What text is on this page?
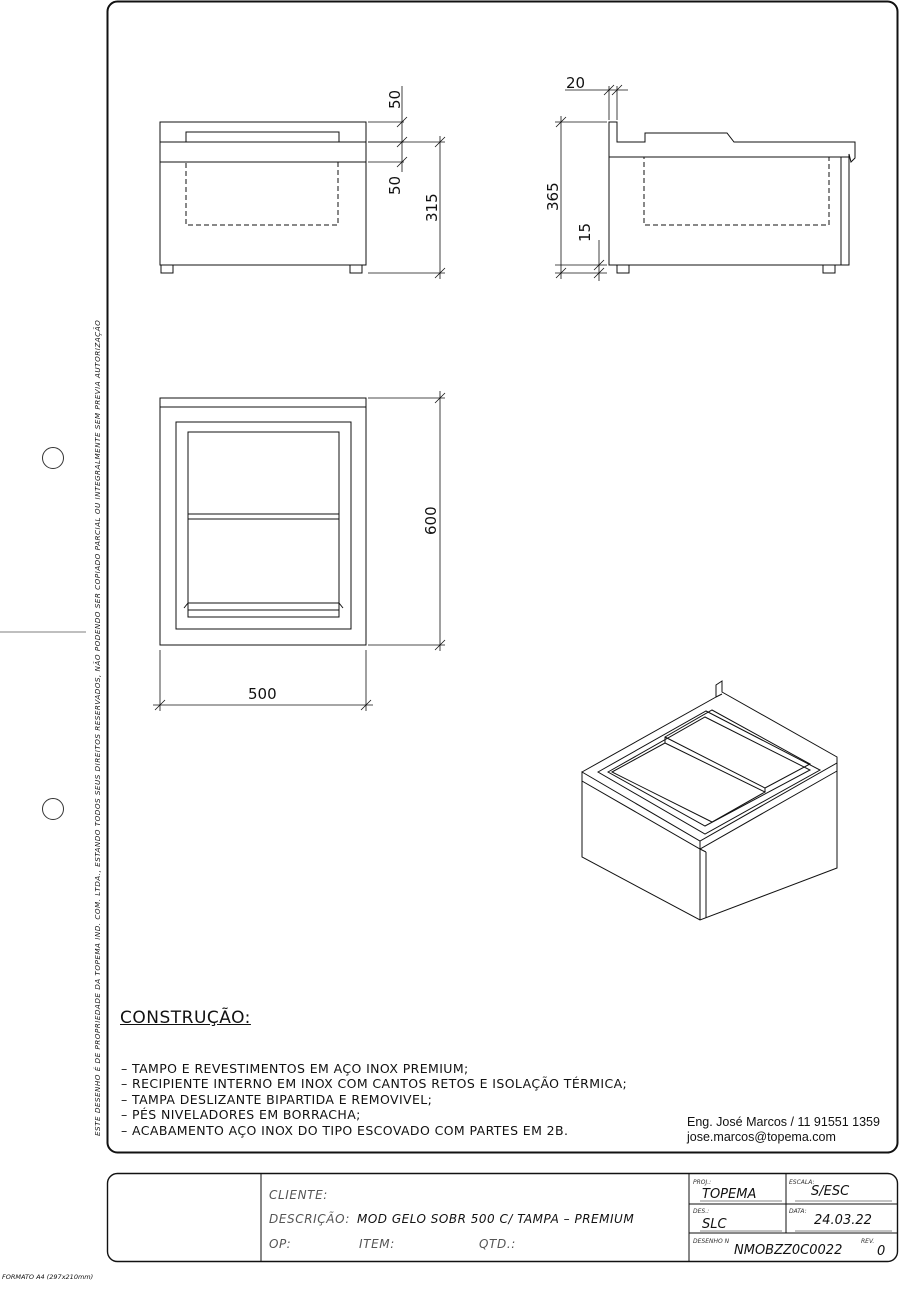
50
50
315
20
365
15
600
500
ESTE DESENHO É DE PROPRIEDADE DA TOPEMA IND. COM. LTDA., ESTANDO TODOS SEUS DIREITOS RESERVADOS, NÃO PODENDO SER COPIADO PARCIAL OU INTEGRALMENTE SEM PREVIA AUTORIZAÇÃO CONSTRUÇÃO:
– TAMPO E REVESTIMENTOS EM AÇO INOX PREMIUM;
– RECIPIENTE INTERNO EM INOX COM CANTOS RETOS E ISOLAÇÃO TÉRMICA;
– TAMPA DESLIZANTE BIPARTIDA E REMOVIVEL;
– PÉS NIVELADORES EM BORRACHA;
– ACABAMENTO AÇO INOX DO TIPO ESCOVADO COM PARTES EM 2B.
Eng. José Marcos / 11 91551 1359
jose.marcos@topema.com
CLIENTE:
DESCRIÇÃO: MOD GELO SOBR 500 C/ TAMPA – PREMIUM
OP:	ITEM:	QTD.:
PROJ.:
TOPEMA
ESCALA:
S/ESC
DES.:
SLC
DATA:
24.03.22
DESENHO N
NMOBZZ0C0022
REV.
0
FORMATO A4 (297x210mm)
